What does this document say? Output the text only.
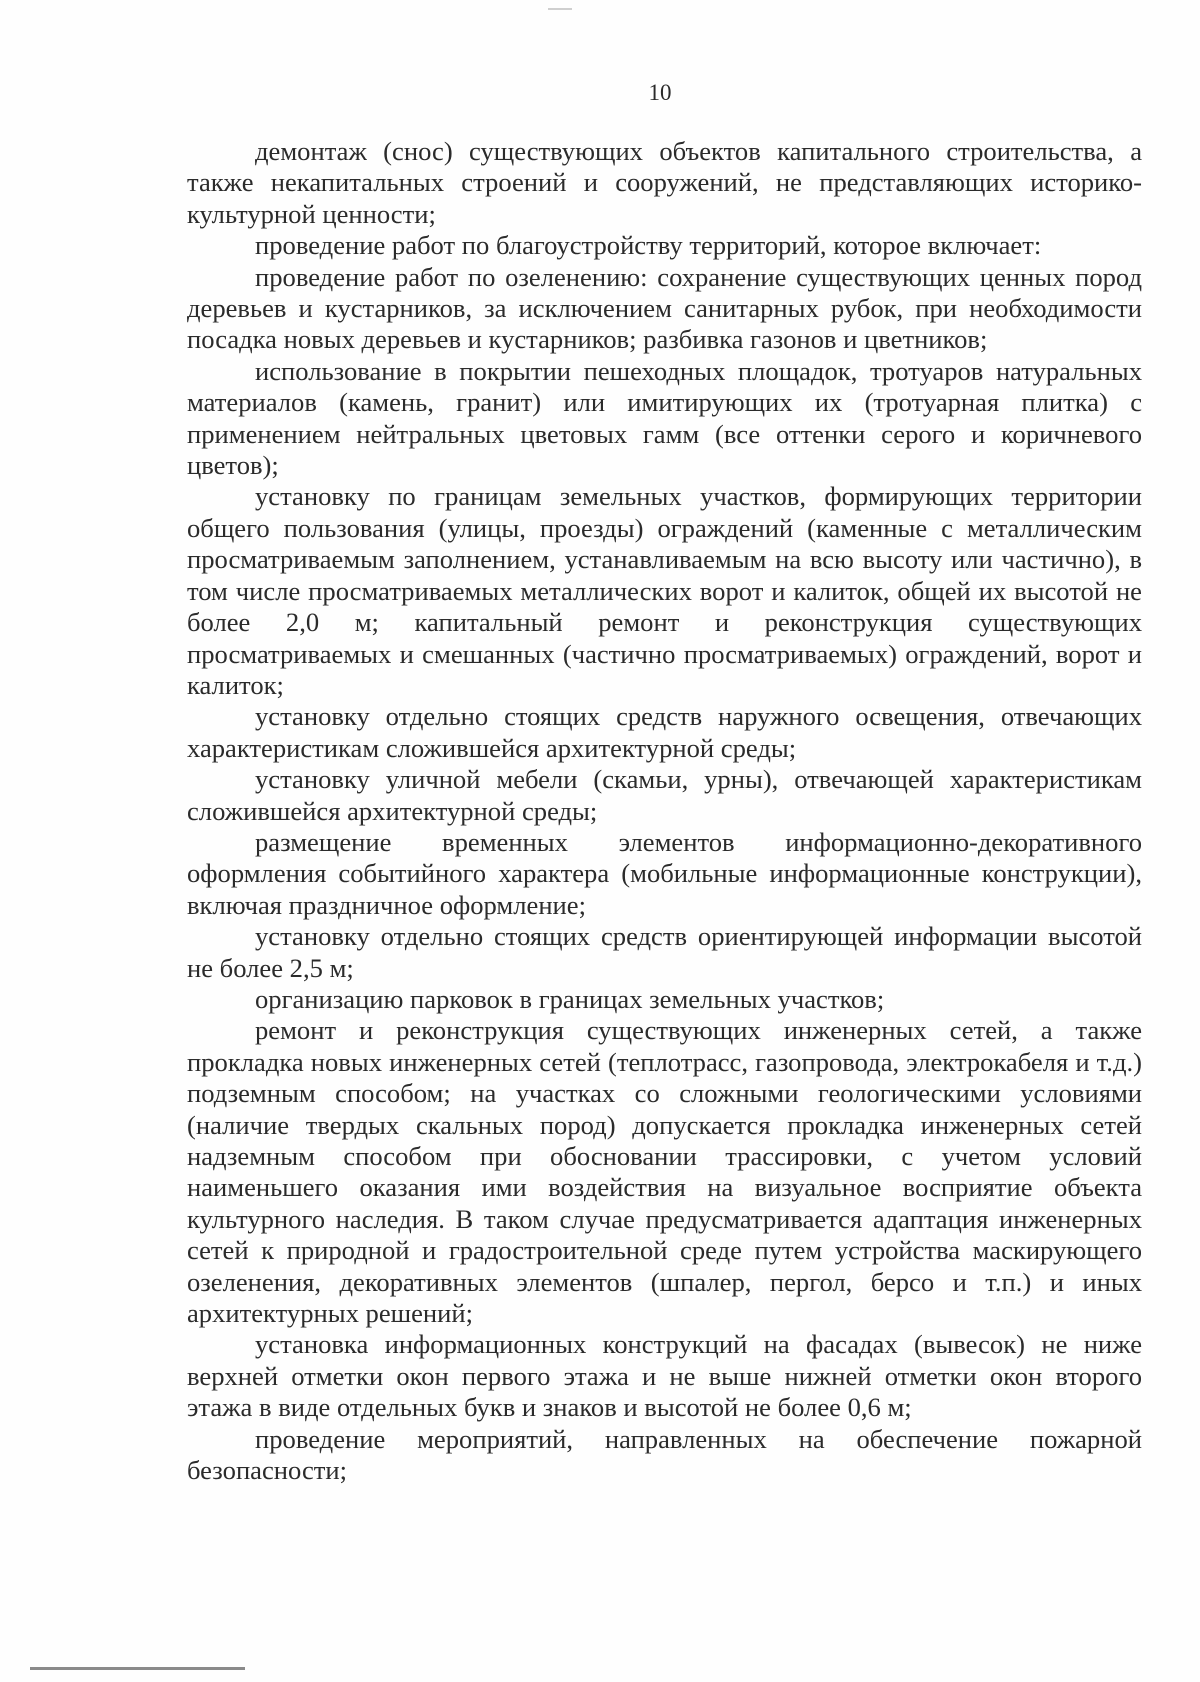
10

демонтаж (снос) существующих объектов капитального строительства, а также некапитальных строений и сооружений, не представляющих историко-культурной ценности;

проведение работ по благоустройству территорий, которое включает:

проведение работ по озеленению: сохранение существующих ценных пород деревьев и кустарников, за исключением санитарных рубок, при необходимости посадка новых деревьев и кустарников; разбивка газонов и цветников;

использование в покрытии пешеходных площадок, тротуаров натуральных материалов (камень, гранит) или имитирующих их (тротуарная плитка) с применением нейтральных цветовых гамм (все оттенки серого и коричневого цветов);

установку по границам земельных участков, формирующих территории общего пользования (улицы, проезды) ограждений (каменные с металлическим просматриваемым заполнением, устанавливаемым на всю высоту или частично), в том числе просматриваемых металлических ворот и калиток, общей их высотой не более 2,0 м; капитальный ремонт и реконструкция существующих просматриваемых и смешанных (частично просматриваемых) ограждений, ворот и калиток;

установку отдельно стоящих средств наружного освещения, отвечающих характеристикам сложившейся архитектурной среды;

установку уличной мебели (скамьи, урны), отвечающей характеристикам сложившейся архитектурной среды;

размещение временных элементов информационно-декоративного оформления событийного характера (мобильные информационные конструкции), включая праздничное оформление;

установку отдельно стоящих средств ориентирующей информации высотой не более 2,5 м;

организацию парковок в границах земельных участков;

ремонт и реконструкция существующих инженерных сетей, а также прокладка новых инженерных сетей (теплотрасс, газопровода, электрокабеля и т.д.) подземным способом; на участках со сложными геологическими условиями (наличие твердых скальных пород) допускается прокладка инженерных сетей надземным способом при обосновании трассировки, с учетом условий наименьшего оказания ими воздействия на визуальное восприятие объекта культурного наследия. В таком случае предусматривается адаптация инженерных сетей к природной и градостроительной среде путем устройства маскирующего озеленения, декоративных элементов (шпалер, пергол, берсо и т.п.) и иных архитектурных решений;

установка информационных конструкций на фасадах (вывесок) не ниже верхней отметки окон первого этажа и не выше нижней отметки окон второго этажа в виде отдельных букв и знаков и высотой не более 0,6 м;

проведение мероприятий, направленных на обеспечение пожарной безопасности;
